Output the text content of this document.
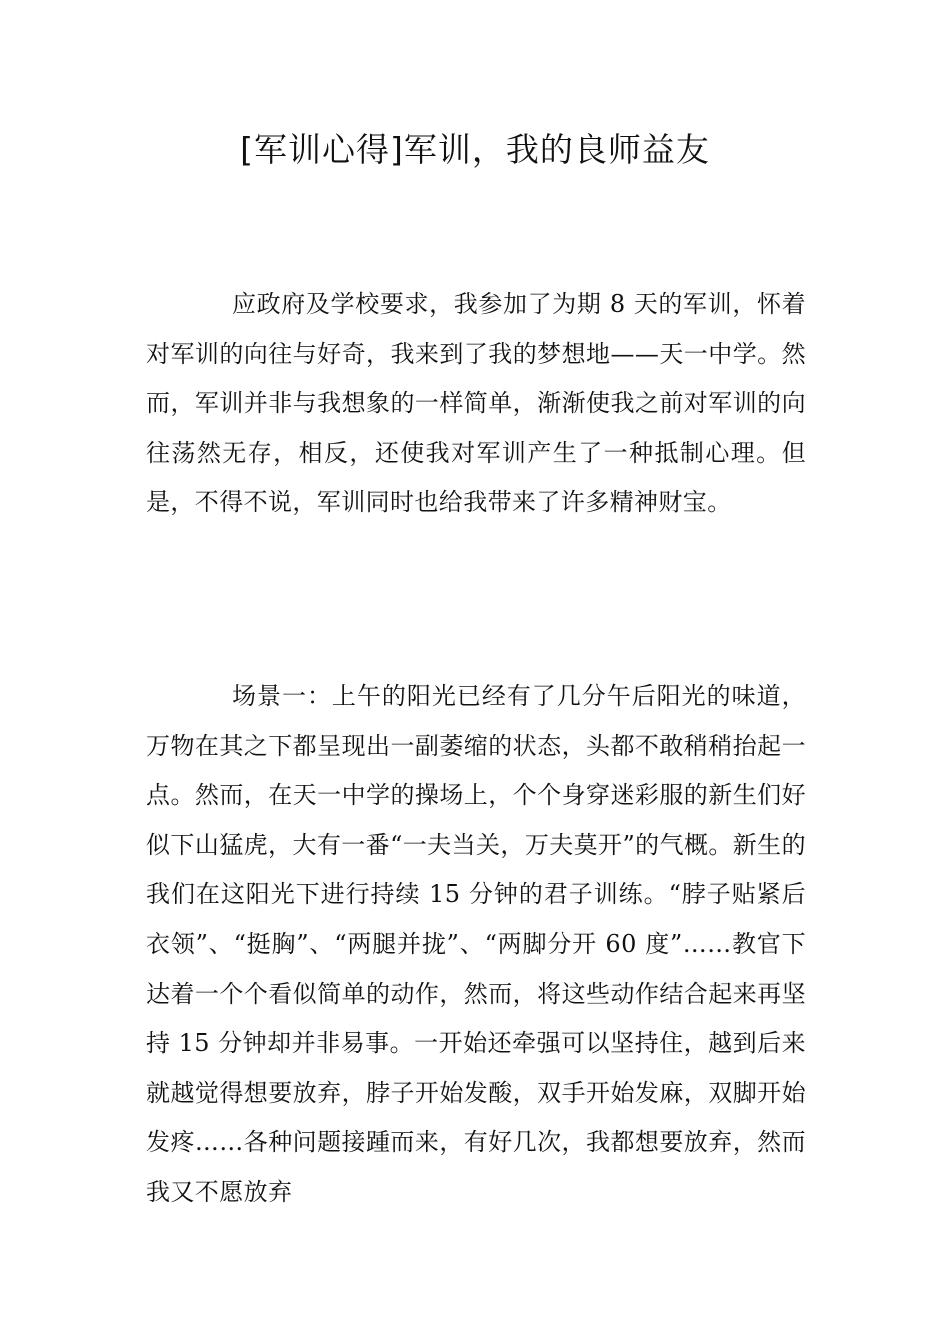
[军训心得]军训，我的良师益友

应政府及学校要求，我参加了为期 8 天的军训，怀着对军训的向往与好奇，我来到了我的梦想地——天一中学。然而，军训并非与我想象的一样简单，渐渐使我之前对军训的向往荡然无存，相反，还使我对军训产生了一种抵制心理。但是，不得不说，军训同时也给我带来了许多精神财宝。

场景一：上午的阳光已经有了几分午后阳光的味道，万物在其之下都呈现出一副萎缩的状态，头都不敢稍稍抬起一点。然而，在天一中学的操场上，个个身穿迷彩服的新生们好似下山猛虎，大有一番“一夫当关，万夫莫开”的气概。新生的我们在这阳光下进行持续 15 分钟的君子训练。“脖子贴紧后衣领”、“挺胸”、“两腿并拢”、“两脚分开 60 度”……教官下达着一个个看似简单的动作，然而，将这些动作结合起来再坚持 15 分钟却并非易事。一开始还牵强可以坚持住，越到后来就越觉得想要放弃，脖子开始发酸，双手开始发麻，双脚开始发疼……各种问题接踵而来，有好几次，我都想要放弃，然而我又不愿放弃
